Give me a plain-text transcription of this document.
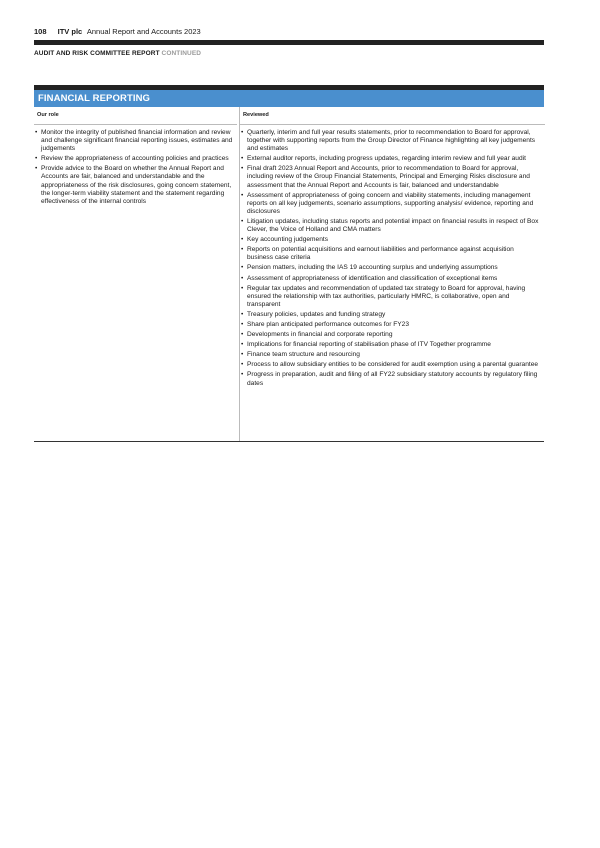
108 ITV plc Annual Report and Accounts 2023
AUDIT AND RISK COMMITTEE REPORT CONTINUED
FINANCIAL REPORTING
Our role
• Monitor the integrity of published financial information and review and challenge significant financial reporting issues, estimates and judgements
• Review the appropriateness of accounting policies and practices
• Provide advice to the Board on whether the Annual Report and Accounts are fair, balanced and understandable and the appropriateness of the risk disclosures, going concern statement, the longer-term viability statement and the statement regarding effectiveness of the internal controls
Reviewed
• Quarterly, interim and full year results statements, prior to recommendation to Board for approval, together with supporting reports from the Group Director of Finance highlighting all key judgements and estimates
• External auditor reports, including progress updates, regarding interim review and full year audit
• Final draft 2023 Annual Report and Accounts, prior to recommendation to Board for approval, including review of the Group Financial Statements, Principal and Emerging Risks disclosure and assessment that the Annual Report and Accounts is fair, balanced and understandable
• Assessment of appropriateness of going concern and viability statements, including management reports on all key judgements, scenario assumptions, supporting analysis/ evidence, reporting and disclosures
• Litigation updates, including status reports and potential impact on financial results in respect of Box Clever, the Voice of Holland and CMA matters
• Key accounting judgements
• Reports on potential acquisitions and earnout liabilities and performance against acquisition business case criteria
• Pension matters, including the IAS 19 accounting surplus and underlying assumptions
• Assessment of appropriateness of identification and classification of exceptional items
• Regular tax updates and recommendation of updated tax strategy to Board for approval, having ensured the relationship with tax authorities, particularly HMRC, is collaborative, open and transparent
• Treasury policies, updates and funding strategy
• Share plan anticipated performance outcomes for FY23
• Developments in financial and corporate reporting
• Implications for financial reporting of stabilisation phase of ITV Together programme
• Finance team structure and resourcing
• Process to allow subsidiary entities to be considered for audit exemption using a parental guarantee
• Progress in preparation, audit and filing of all FY22 subsidiary statutory accounts by regulatory filing dates
